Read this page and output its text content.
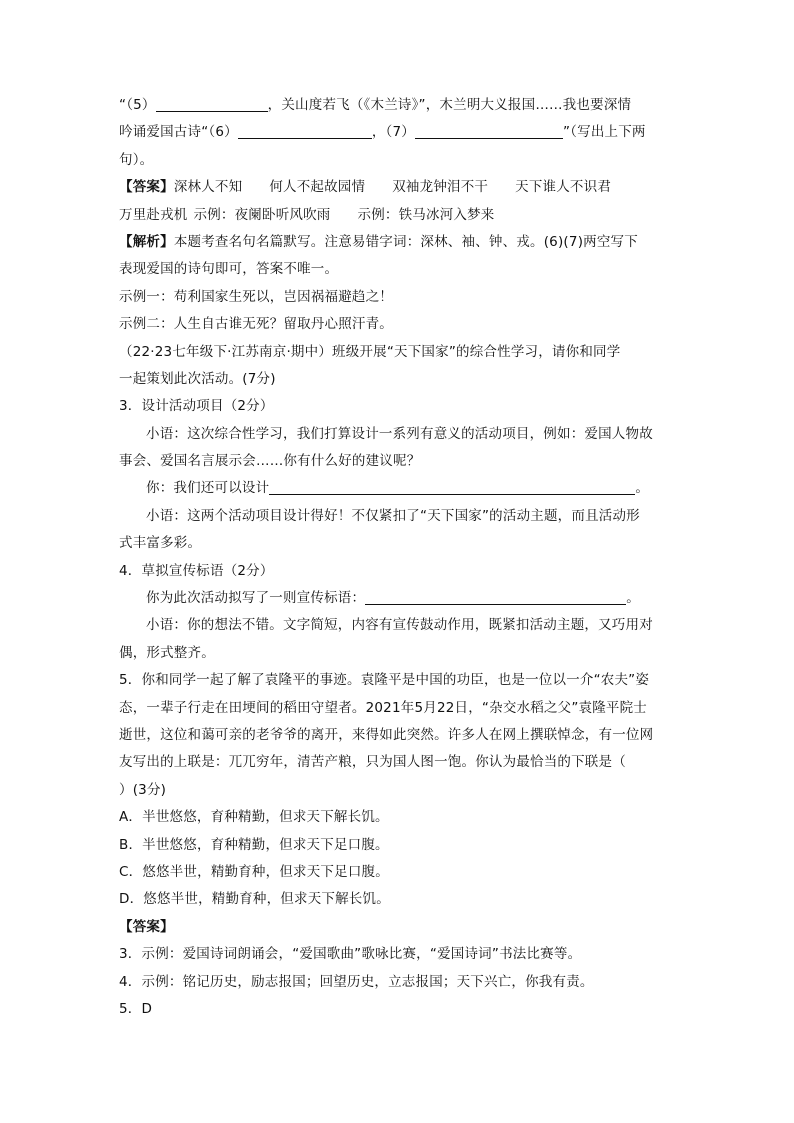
“（5）	，关山度若飞（《木兰诗》”，木兰明大义报国……我也要深情
吟诵爱国古诗“（6）	，（7）	”（写出上下两
句）。
【答案】深林人不知 何人不起故园情 双袖龙钟泪不干 天下谁人不识君
万里赴戎机 示例：夜阑卧听风吹雨 示例：铁马冰河入梦来
【解析】本题考查名句名篇默写。注意易错字词：深林、袖、钟、戎。(6)(7)两空写下
表现爱国的诗句即可，答案不唯一。
示例一：苟利国家生死以，岂因祸福避趋之！
示例二：人生自古谁无死？留取丹心照汗青。
（22·23七年级下·江苏南京·期中）班级开展“天下国家”的综合性学习，请你和同学
一起策划此次活动。(7分)
3．设计活动项目（2分）
小语：这次综合性学习，我们打算设计一系列有意义的活动项目，例如：爱国人物故
事会、爱国名言展示会……你有什么好的建议呢？
你：我们还可以设计	。
小语：这两个活动项目设计得好！不仅紧扣了“天下国家”的活动主题，而且活动形
式丰富多彩。
4．草拟宣传标语（2分）
你为此次活动拟写了一则宣传标语：	。
小语：你的想法不错。文字简短，内容有宣传鼓动作用，既紧扣活动主题，又巧用对
偶，形式整齐。
5．你和同学一起了解了袁隆平的事迹。袁隆平是中国的功臣，也是一位以一介“农夫”姿
态，一辈子行走在田埂间的稻田守望者。2021年5月22日，“杂交水稻之父”袁隆平院士
逝世，这位和蔼可亲的老爷爷的离开，来得如此突然。许多人在网上撰联悼念，有一位网
友写出的上联是：兀兀穷年，清苦产粮，只为国人图一饱。你认为最恰当的下联是（
）(3分)
A．半世悠悠，育种精勤，但求天下解长饥。
B．半世悠悠，育种精勤，但求天下足口腹。
C．悠悠半世，精勤育种，但求天下足口腹。
D．悠悠半世，精勤育种，但求天下解长饥。
【答案】
3．示例：爱国诗词朗诵会，“爱国歌曲”歌咏比赛，“爱国诗词”书法比赛等。
4．示例：铭记历史，励志报国；回望历史，立志报国；天下兴亡，你我有责。
5．D
